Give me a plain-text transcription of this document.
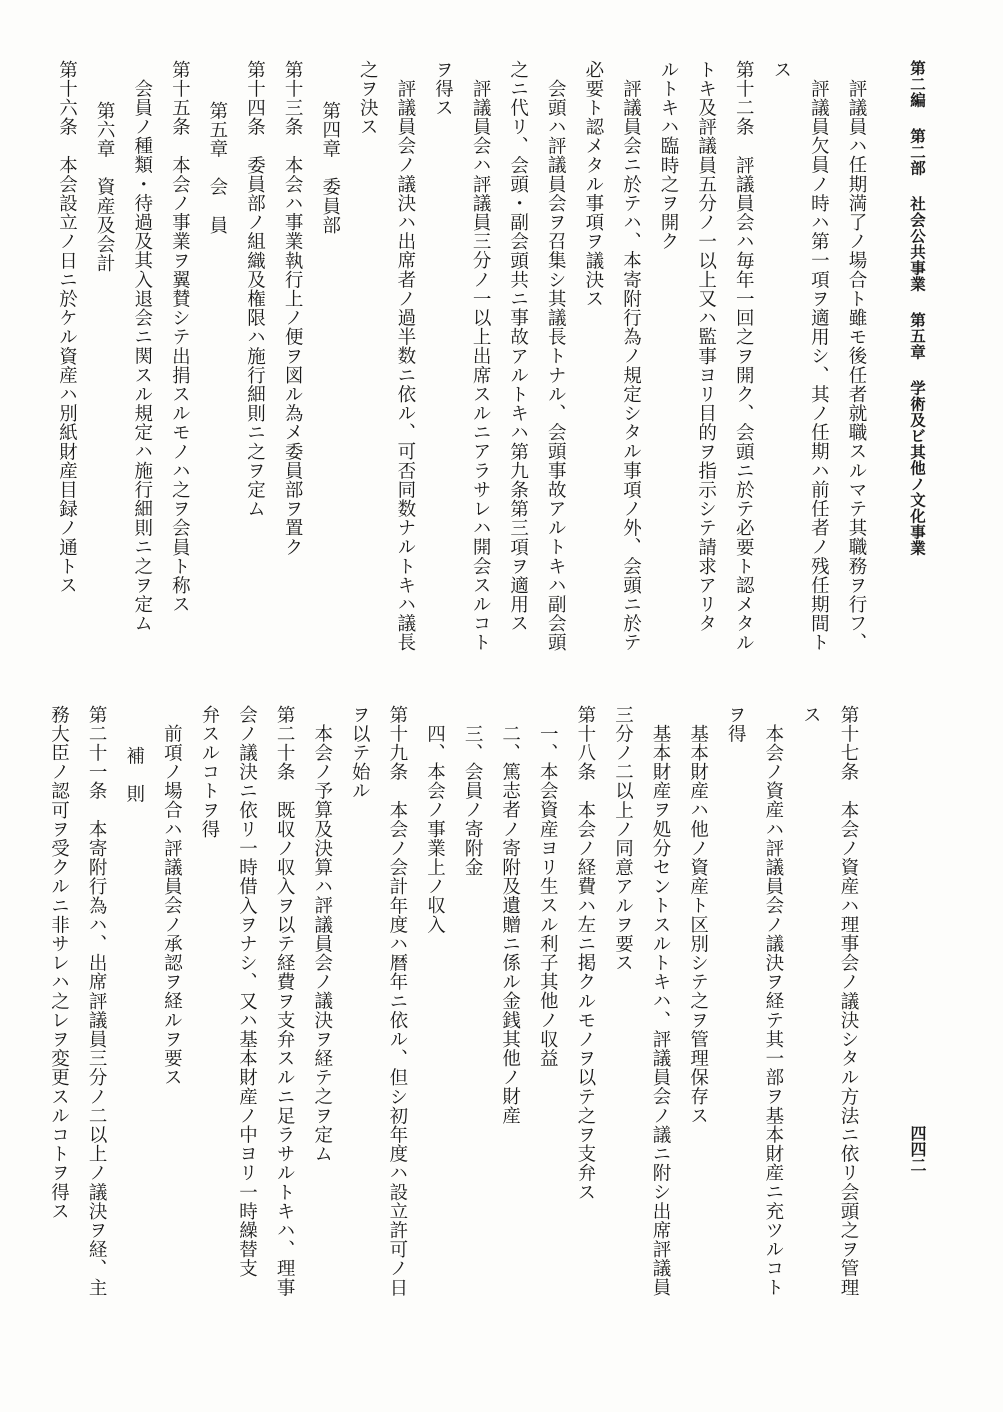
第二編第二部社会公共事業第五章学術及ビ其他ノ文化事業
四四二
評議員ハ任期満了ノ場合ト雖モ後任者就職スルマテ其職務ヲ行フ、
評議員欠員ノ時ハ第一項ヲ適用シ、其ノ任期ハ前任者ノ残任期間ト
ス
第十二条　評議員会ハ毎年一回之ヲ開ク、会頭ニ於テ必要ト認メタル
トキ及評議員五分ノ一以上又ハ監事ヨリ目的ヲ指示シテ請求アリタ
ルトキハ臨時之ヲ開ク
評議員会ニ於テハ、本寄附行為ノ規定シタル事項ノ外、会頭ニ於テ
必要ト認メタル事項ヲ議決ス
会頭ハ評議員会ヲ召集シ其議長トナル、会頭事故アルトキハ副会頭
之ニ代リ、会頭・副会頭共ニ事故アルトキハ第九条第三項ヲ適用ス
評議員会ハ評議員三分ノ一以上出席スルニアラサレハ開会スルコト
ヲ得ス
評議員会ノ議決ハ出席者ノ過半数ニ依ル、可否同数ナルトキハ議長
之ヲ決ス
第四章　委員部
第十三条　本会ハ事業執行上ノ便ヲ図ル為メ委員部ヲ置ク
第十四条　委員部ノ組織及権限ハ施行細則ニ之ヲ定ム
第五章　会　員
第十五条　本会ノ事業ヲ翼賛シテ出捐スルモノハ之ヲ会員ト称ス
会員ノ種類・待過及其入退会ニ関スル規定ハ施行細則ニ之ヲ定ム
第六章　資産及会計
第十六条　本会設立ノ日ニ於ケル資産ハ別紙財産目録ノ通トス
第十七条　本会ノ資産ハ理事会ノ議決シタル方法ニ依リ会頭之ヲ管理
ス
本会ノ資産ハ評議員会ノ議決ヲ経テ其一部ヲ基本財産ニ充ツルコト
ヲ得
基本財産ハ他ノ資産ト区別シテ之ヲ管理保存ス
基本財産ヲ処分セントスルトキハ、評議員会ノ議ニ附シ出席評議員
三分ノ二以上ノ同意アルヲ要ス
第十八条　本会ノ経費ハ左ニ掲クルモノヲ以テ之ヲ支弁ス
一、本会資産ヨリ生スル利子其他ノ収益
二、篤志者ノ寄附及遺贈ニ係ル金銭其他ノ財産
三、会員ノ寄附金
四、本会ノ事業上ノ収入
第十九条　本会ノ会計年度ハ暦年ニ依ル、但シ初年度ハ設立許可ノ日
ヲ以テ始ル
本会ノ予算及決算ハ評議員会ノ議決ヲ経テ之ヲ定ム
第二十条　既収ノ収入ヲ以テ経費ヲ支弁スルニ足ラサルトキハ、理事
会ノ議決ニ依リ一時借入ヲナシ、又ハ基本財産ノ中ヨリ一時繰替支
弁スルコトヲ得
前項ノ場合ハ評議員会ノ承認ヲ経ルヲ要ス
補　則
第二十一条　本寄附行為ハ、出席評議員三分ノ二以上ノ議決ヲ経、主
務大臣ノ認可ヲ受クルニ非サレハ之レヲ変更スルコトヲ得ス
